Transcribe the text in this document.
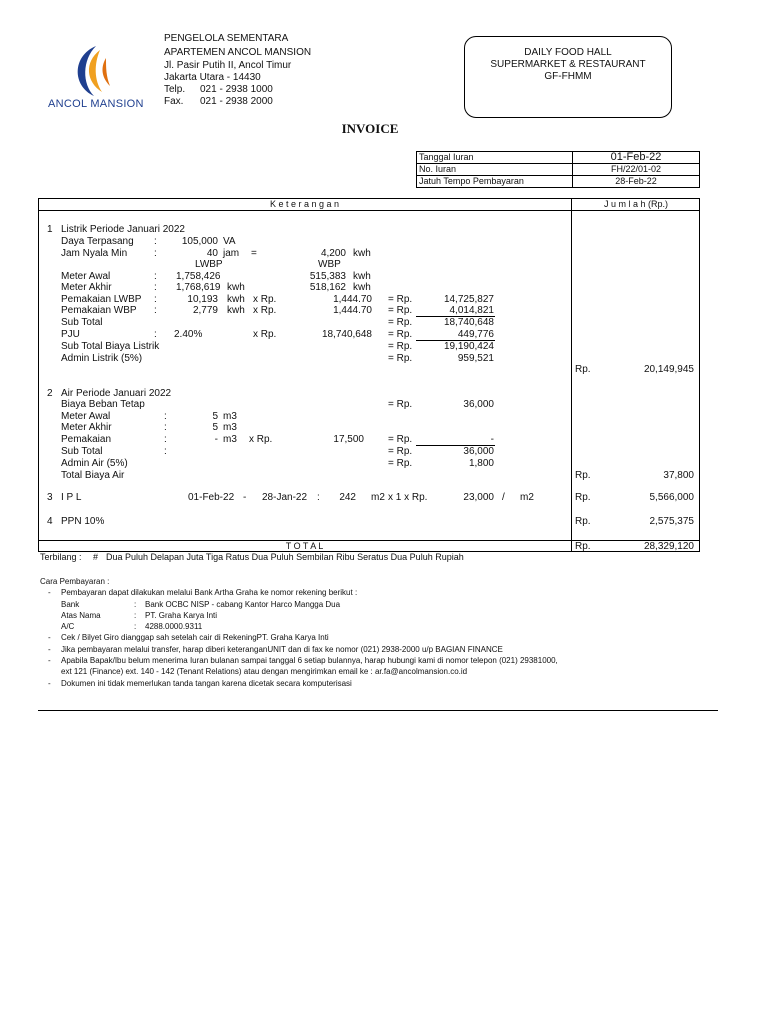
ANCOL MANSION
PENGELOLA SEMENTARA
APARTEMEN ANCOL MANSION
Jl. Pasir Putih II, Ancol Timur
Jakarta Utara - 14430
Telp. 021 - 2938 1000
Fax. 021 - 2938 2000
DAILY FOOD HALL
SUPERMARKET & RESTAURANT
GF-FHMM
INVOICE
Tanggal Iuran	01-Feb-22
No. Iuran	FH/22/01-02
Jatuh Tempo Pembayaran	28-Feb-22
K e t e r a n g a n	J u m l a h (Rp.)
1 Listrik Periode Januari 2022
Daya Terpasang :	105,000 VA
Jam Nyala Min	:	40 jam =	4,200 kwh
LWBP	WBP
Meter Awal	: 1,758,426	515,383 kwh
Meter Akhir	: 1,768,619 kwh	518,162 kwh
Pemakaian LWBP :	10,193 kwh x Rp.	1,444.70 = Rp.	14,725,827
Pemakaian WBP :	2,779 kwh x Rp.	1,444.70 = Rp.	4,014,821
Sub Total	= Rp.	18,740,648
PJU	: 2.40%	x Rp.	18,740,648 = Rp.	449,776
Sub Total Biaya Listrik	= Rp.	19,190,424
Admin Listrik (5%)	= Rp.	959,521
Rp.	20,149,945
2 Air Periode Januari 2022
Biaya Beban Tetap	= Rp.	36,000
Meter Awal	:	5 m3
Meter Akhir	:	5 m3
Pemakaian	:	- m3 x Rp.	17,500 = Rp.	-
Sub Total	:	= Rp.	36,000
Admin Air (5%)	= Rp.	1,800
Total Biaya Air	Rp.	37,800
3 I P L	01-Feb-22 - 28-Jan-22 :	242 m2 x 1 x Rp.	23,000 / m2	Rp.	5,566,000
4 PPN 10%	Rp.	2,575,375
T O T A L	Rp.	28,329,120
Terbilang : # Dua Puluh Delapan Juta Tiga Ratus Dua Puluh Sembilan Ribu Seratus Dua Puluh Rupiah
Cara Pembayaran :
- Pembayaran dapat dilakukan melalui Bank Artha Graha ke nomor rekening berikut :
Bank	: Bank OCBC NISP - cabang Kantor Harco Mangga Dua
Atas Nama	: PT. Graha Karya Inti
A/C	: 4288.0000.9311
- Cek / Bilyet Giro dianggap sah setelah cair di RekeningPT. Graha Karya Inti
- Jika pembayaran melalui transfer, harap diberi keteranganUNIT dan di fax ke nomor (021) 2938-2000 u/p BAGIAN FINANCE
- Apabila Bapak/Ibu belum menerima Iuran bulanan sampai tanggal 6 setiap bulannya, harap hubungi kami di nomor telepon (021) 29381000,
ext 121 (Finance) ext. 140 - 142 (Tenant Relations) atau dengan mengirimkan email ke : ar.fa@ancolmansion.co.id
- Dokumen ini tidak memerlukan tanda tangan karena dicetak secara komputerisasi
